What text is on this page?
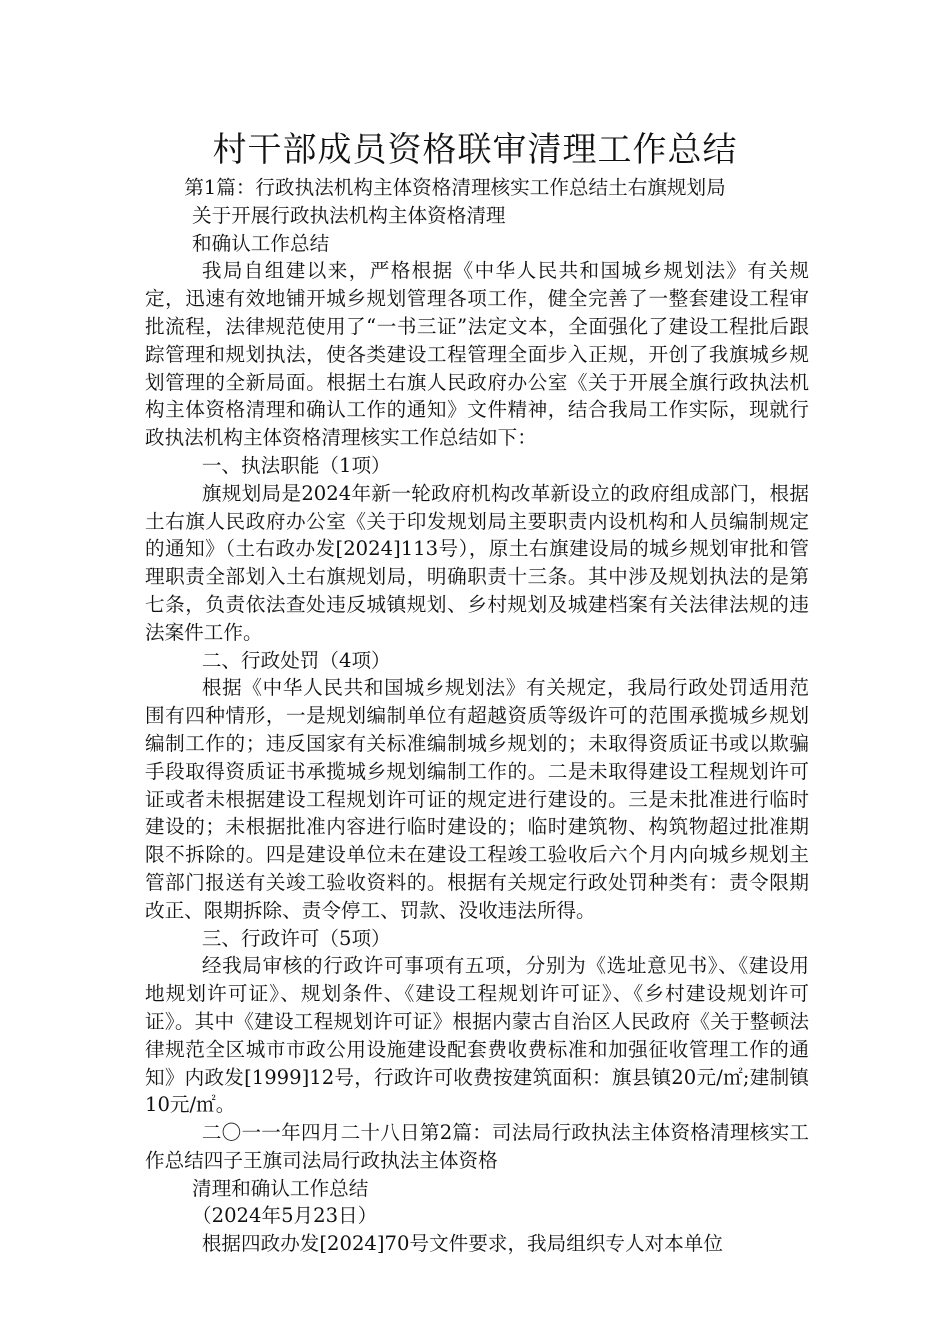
村干部成员资格联审清理工作总结

第1篇：行政执法机构主体资格清理核实工作总结土右旗规划局

关于开展行政执法机构主体资格清理

和确认工作总结

我局自组建以来，严格根据《中华人民共和国城乡规划法》有关规定，迅速有效地铺开城乡规划管理各项工作，健全完善了一整套建设工程审批流程，法律规范使用了“一书三证”法定文本，全面强化了建设工程批后跟踪管理和规划执法，使各类建设工程管理全面步入正规，开创了我旗城乡规划管理的全新局面。根据土右旗人民政府办公室《关于开展全旗行政执法机构主体资格清理和确认工作的通知》文件精神，结合我局工作实际，现就行政执法机构主体资格清理核实工作总结如下：

一、执法职能（1项）

旗规划局是2024年新一轮政府机构改革新设立的政府组成部门，根据土右旗人民政府办公室《关于印发规划局主要职责内设机构和人员编制规定的通知》（土右政办发[2024]113号），原土右旗建设局的城乡规划审批和管理职责全部划入土右旗规划局，明确职责十三条。其中涉及规划执法的是第七条，负责依法查处违反城镇规划、乡村规划及城建档案有关法律法规的违法案件工作。

二、行政处罚（4项）

根据《中华人民共和国城乡规划法》有关规定，我局行政处罚适用范围有四种情形，一是规划编制单位有超越资质等级许可的范围承揽城乡规划编制工作的；违反国家有关标准编制城乡规划的；未取得资质证书或以欺骗手段取得资质证书承揽城乡规划编制工作的。二是未取得建设工程规划许可证或者未根据建设工程规划许可证的规定进行建设的。三是未批准进行临时建设的；未根据批准内容进行临时建设的；临时建筑物、构筑物超过批准期限不拆除的。四是建设单位未在建设工程竣工验收后六个月内向城乡规划主管部门报送有关竣工验收资料的。根据有关规定行政处罚种类有：责令限期改正、限期拆除、责令停工、罚款、没收违法所得。

三、行政许可（5项）

经我局审核的行政许可事项有五项，分别为《选址意见书》、《建设用地规划许可证》、规划条件、《建设工程规划许可证》、《乡村建设规划许可证》。其中《建设工程规划许可证》根据内蒙古自治区人民政府《关于整顿法律规范全区城市市政公用设施建设配套费收费标准和加强征收管理工作的通知》内政发[1999]12号，行政许可收费按建筑面积：旗县镇20元/㎡;建制镇10元/㎡。

二〇一一年四月二十八日第2篇：司法局行政执法主体资格清理核实工作总结四子王旗司法局行政执法主体资格

清理和确认工作总结

（2024年5月23日）

根据四政办发[2024]70号文件要求，我局组织专人对本单位
